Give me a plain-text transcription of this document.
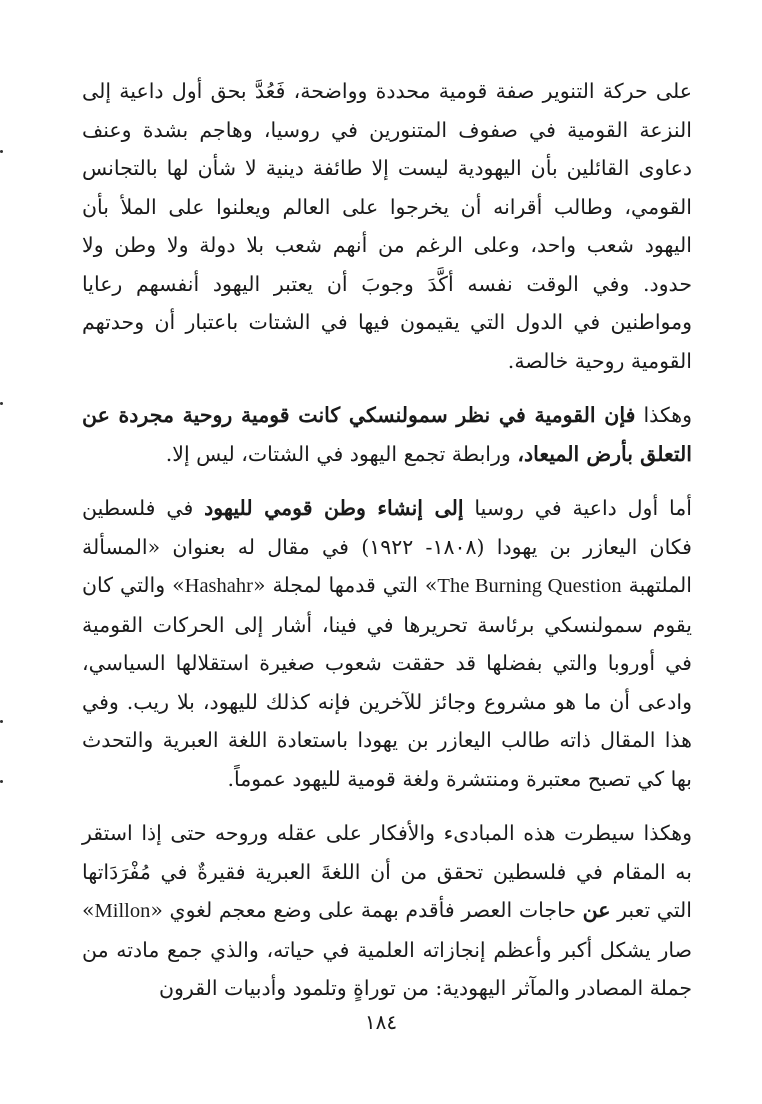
على حركة التنوير صفة قومية محددة وواضحة، فَعُدَّ بحق أول داعية إلى النزعة القومية في صفوف المتنورين في روسيا، وهاجم بشدة وعنف دعاوى القائلين بأن اليهودية ليست إلا طائفة دينية لا شأن لها بالتجانس القومي، وطالب أقرانه أن يخرجوا على العالم ويعلنوا على الملأ بأن اليهود شعب واحد، وعلى الرغم من أنهم شعب بلا دولة ولا وطن ولا حدود. وفي الوقت نفسه أكَّدَ وجوبَ أن يعتبر اليهود أنفسهم رعايا ومواطنين في الدول التي يقيمون فيها في الشتات باعتبار أن وحدتهم القومية روحية خالصة.

وهكذا فإن القومية في نظر سمولنسكي كانت قومية روحية مجردة عن التعلق بأرض الميعاد، ورابطة تجمع اليهود في الشتات، ليس إلا.

أما أول داعية في روسيا إلى إنشاء وطن قومي لليهود في فلسطين فكان اليعازر بن يهودا (١٨٠٨- ١٩٢٢) في مقال له بعنوان «المسألة الملتهبة The Burning Question» التي قدمها لمجلة «Hashahr» والتي كان يقوم سمولنسكي برئاسة تحريرها في فينا، أشار إلى الحركات القومية في أوروبا والتي بفضلها قد حققت شعوب صغيرة استقلالها السياسي، وادعى أن ما هو مشروع وجائز للآخرين فإنه كذلك لليهود، بلا ريب. وفي هذا المقال ذاته طالب اليعازر بن يهودا باستعادة اللغة العبرية والتحدث بها كي تصبح معتبرة ومنتشرة ولغة قومية لليهود عموماً.

وهكذا سيطرت هذه المبادىء والأفكار على عقله وروحه حتى إذا استقر به المقام في فلسطين تحقق من أن اللغةَ العبرية فقيرةٌ في مُفْرَدَاتها التي تعبر عن حاجات العصر فأقدم بهمة على وضع معجم لغوي «Millon» صار يشكل أكبر وأعظم إنجازاته العلمية في حياته، والذي جمع مادته من جملة المصادر والمآثر اليهودية: من توراةٍ وتلمود وأدبيات القرون

١٨٤
